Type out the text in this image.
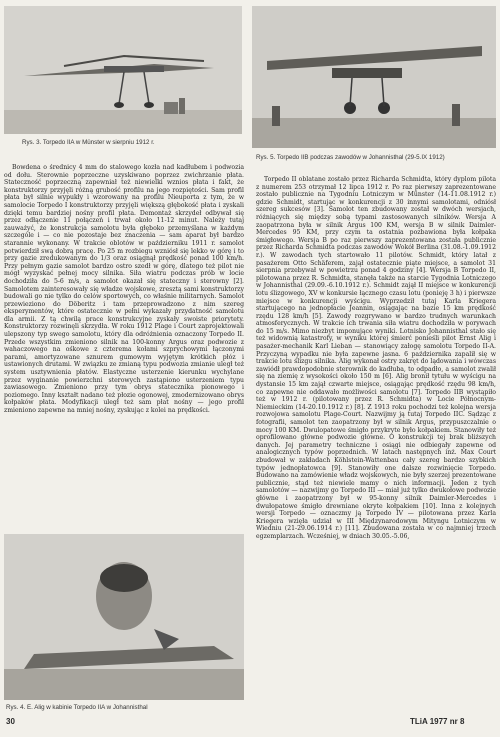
Rys. 3. Torpedo IIA w Münster w sierpniu 1912 r.
Rys. 5. Torpedo IIB podczas zawodów w Johannisthal (29-5.IX 1912)

Bowdena o średnicy 4 mm do stalowego kozła nad kadłubem i podwozia od dołu. Sterownie poprzeczne uzyskiwano poprzez zwichrzanie płata. Stateczność poprzeczną zapewniał też niewielki wznios płata i fakt, że konstruktorzy przyjęli różną grubość profilu na jego rozpiętości. Sam profil płata był silnie wypukły i wzorowany na profilu Nieuporta z tym, że w samolocie Torpedo I konstruktorzy przyjęli większą głębokość płata i zyskali dzięki temu bardziej nośny profil płata. Demontaż skrzydeł odbywał się przez odłączenie 11 połączeń i trwał około 11-12 minut. Należy tutaj zauważyć, że konstrukcja samolotu była głęboko przemyślana w każdym szczególe i — co nie pozostaje bez znaczenia — sam aparat był bardzo starannie wykonany. W trakcie oblotów w październiku 1911 r. samolot potwierdził swą dobrą pracę. Po 25 m rozbiegu wzniósł się lekko w górę i to przy gazie zredukowanym do 1/3 oraz osiągnął prędkość ponad 100 km/h. Przy pełnym gazie samolot bardzo ostro szedł w górę, dlatego też pilot nie mógł wyzyskać pełnej mocy silnika. Siła wiatru podczas prób w locie dochodziła do 5-6 m/s, a samolot okazał się stateczny i sterowny [2]. Samolotem zainteresowały się władze wojskowe, zresztą sami konstruktorzy budowali go nie tylko do celów sportowych, co właśnie militarnych. Samolot przewieziono do Döberitz i tam przeprowadzono z nim szereg eksperymentów, które ostatecznie w pełni wykazały przydatność samolotu dla armii. Z tą chwilą prace konstrukcyjne zyskały swoiste priorytety. Konstruktorzy rozwinęli skrzydła. W roku 1912 Plage i Court zaprojektowali ulepszony typ swego samolotu, który dla odróżnienia oznaczony Torpedo II. Przede wszystkim zmieniono silnik na 100-konny Argus oraz podwozie z wahaczowego na ośkowe z czterema kołami szprychowymi łączonymi parami, amortyzowane sznurem gumowym wyjętym krótkich płóz i ustawionych drutami. W związku ze zmianą typu podwozia zmianie uległ też system usztywnienia płatów. Elastyczne usterzenie kierunku wychylane przez wyginanie powierzchni sterowych zastąpiono usterzeniem typu zawiasowego. Zmieniono przy tym obrys statecznika pionowego i poziomego. Inny kształt nadano też płozie ogonowej, zmodernizowano obrys kołpaków płata. Modyfikacji uległ też sam płat nośny — jego profil zmieniono zapewne na mniej nośny, zyskując z kolei na prędkości.

Torpedo II oblatane zostało przez Richarda Schmidta, który dyplom pilota z numerem 253 otrzymał 12 lipca 1912 r. Po raz pierwszy zaprezentowane zostało publicznie na Tygodniu Lotniczym w Münster (14-11.08.1912 r.) gdzie Schmidt, startując w konkurencji z 30 innymi samolotami, odniósł szereg sukcesów [3]. Samolot ten zbudowany został w dwóch wersjach, różniących się między sobą typami zastosowanych silników. Wersja A zaopatrzona była w silnik Argus 100 KM, wersja B w silnik Daimler-Mercedes 95 KM, przy czym ta ostatnia pozbawiona była kołpaka śmigłowego. Wersja B po raz pierwszy zaprezentowana została publicznie przez Richarda Schmidta podczas zawodów Wokół Berlina (31.08.-1.09.1912 r.). W zawodach tych startowało 11 pilotów. Schmidt, który latał z pasażerem Otto Schäferem, zajął ostatecznie piąte miejsce, a samolot 31 sierpnia przebywał w powietrzu ponad 4 godziny [4]. Wersja B Torpedo II, pilotowana przez R. Schmidta, stanęła także na starcie Tygodnia Lotniczego w Johannisthal (29.09.-6.10.1912 r.). Schmidt zajął II miejsce w konkurencji lotu ślizgowego, XV w konkursie łącznego czasu lotu (ponieję 3 h) i pierwsze miejsce w konkurencji wyścigu. Wyprzedził tutaj Karla Kriegera startującego na jednopłacie Jeannin, osiągając na bazie 15 km prędkość rzędu 128 km/h [5]. Zawody rozgrywano w bardzo trudnych warunkach atmosferycznych. W trakcie ich trwania siła wiatru dochodziła w porywach do 15 m/s. Mimo niezbyt imponujące wyniki. Lotnisko Johannisthal stało się też widownią katastrofy, w wyniku której śmierć ponieśli pilot Ernst Alig i pasażer-mechanik Karl Lieban — stanowiący załogę samolotu Torpedo II-A. Przyczyną wypadku nie była zapewne jasna. 6 października zapalił się w trakcie lotu ślizgu silnika. Alig wykonał ostry zakręt do lądowania i wówczas zawiódł prawdopodobnie sterownik do kadłuba, to odpadło, a samolot zwalił się na ziemię z wysokości około 150 m [6]. Alig bronił tytułu w wyścigu na dystansie 15 km zajął czwarte miejsce, osiągając prędkość rzędu 98 km/h, co zapewne nie oddawało możliwości samolotu [7]. Torpedo IIB wystąpiło też w 1912 r. (pilotowany przez R. Schmidta) w Locie Północnym-Niemieckim (14-20.10.1912 r.) [8]. Z 1913 roku pochodzi też kolejna wersja rozwojowa samolotu Plage-Court. Nazwijmy ją tutaj Torpedo IIC. Sądząc z fotografii, samolot ten zaopatrzony był w silnik Argus, przypuszczalnie o mocy 100 KM. Dwulopatowe śmigło przykryte było kołpakiem. Stanowiły też oprofilowano główne podwozie główne. O konstrukcji tej brak bliższych danych. Jej parametry techniczne i osiągi nie odbiegały zapewne od analogicznych typów poprzednich. W latach następnych inż. Max Court zbudował w zakładach Köhlstein-Wattenbau cały szereg bardzo szybkich typów jednopłatowca [9]. Stanowiły one dalsze rozwinięcie Torpedo. Budowano na zamówienie władz wojskowych, nie były szerzej prezentowane publicznie, stąd też niewiele mamy o nich informacji. Jeden z tych samolotów — nazwijmy go Torpedo III — miał już tylko dwukołowe podwozie główne i zaopatrzony był w 95-konny silnik Daimler-Mercedes i dwułopatowe śmigło drewniane okryte kołpakiem [10]. Inna z kolejnych wersji Torpedo — oznaczmy ją Torpedo IV — pilotowana przez Karla Kriegera wzięła udział w III Międzynarodowym Mityngu Lotniczym w Wiedniu (21-29.06.1914 r.) [11]. Zbudowana została w co najmniej trzech egzemplarzach. Wcześniej, w dniach 30.05.-5.06,

Rys. 4. E. Alig w kabinie Torpedo IIA w Johannisthal
30	TLiA 1977 nr 8
